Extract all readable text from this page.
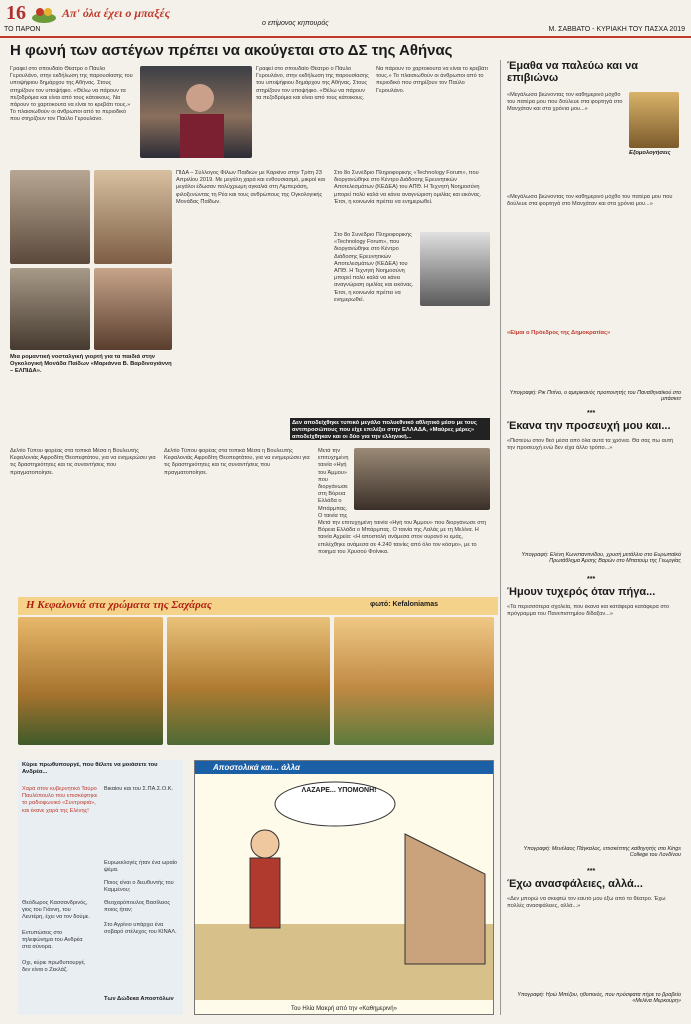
16
ΤΟ ΠΑΡΟΝ
Απ' όλα έχει ο μπαξές
ο επίμονος κηπουρός
Μ. ΣΑΒΒΑΤΟ - ΚΥΡΙΑΚΗ ΤΟΥ ΠΑΣΧΑ 2019
Η φωνή των αστέγων πρέπει να ακούγεται στο ΔΣ της Αθήνας
Γραφεί στο σπουδαίο Θέατρο ο Πάυλο Γερουλάνο, στην εκδήλωση της παρουσίασης του υποψήφιου δημάρχου της Αθήνας. Στους στηρίζουν τον υποψήφιο. «Θέλω να πάρουν τα πεζοδρόμια και είναι από τους κάτοικους. Να πάρουν το χαρτοκουτα να είναι το κρεβάτι τους.» Το πλαισιωθούν οι άνθρωποι από το περιοδικό που στηρίζουν τον Παύλο Γερουλάνο.
Γραφεί στο σπουδαίο Θέατρο ο Πάυλο Γερουλάνο, στην εκδήλωση της παρουσίασης του υποψήφιου δημάρχου της Αθήνας. Στους στηρίζουν τον υποψήφιο. «Θέλω να πάρουν τα πεζοδρόμια και είναι από τους κάτοικους. Να πάρουν το χαρτοκουτα να είναι το κρεβάτι τους.» Το πλαισιωθούν οι άνθρωποι από το περιοδικό που στηρίζουν τον Παύλο Γερουλάνο.
Μια ρομαντική νοσταλγική γιορτή για τα παιδιά στην Ογκολογική Μονάδα Παίδων «Μαριάννα Β. Βαρδινογιάννη – ΕΛΠΙΔΑ».
ΠΙΔΑ – Σύλλογος Φίλων Παιδιών με Καρκίνο στην Τρίτη 23 Απριλίου 2019. Με μεγάλη χαρά και ενθουσιασμό, μικροί και μεγάλοι έδωσαν πολύχρωμη αγκαλιά στη Λιμπεράση, φιλοξενώντας τη Ρέα και τους ανθρώπους της Ογκολογικής Μονάδας Παίδων.
Στο 8ο Συνέδριο Πληροφορικής «Technology Forum», που διοργανώθηκε στο Κέντρο Διάδοσης Ερευνητικών Αποτελεσμάτων (ΚΕΔΕΑ) του ΑΠΘ. Η Τεχνητή Νοημοσύνη μπορεί πολύ καλά να κάνει αναγνώριση ομιλίας και εικόνας. Έτσι, η κοινωνία πρέπει να ενημερωθεί.
Στο 8ο Συνέδριο Πληροφορικής «Technology Forum», που διοργανώθηκε στο Κέντρο Διάδοσης Ερευνητικών Αποτελεσμάτων (ΚΕΔΕΑ) του ΑΠΘ. Η Τεχνητή Νοημοσύνη μπορεί πολύ καλά να κάνει αναγνώριση ομιλίας και εικόνας. Έτσι, η κοινωνία πρέπει να ενημερωθεί.
Δεν αποδείχθηκε τυπικό μεγάλο πολυεθνικό αθλητικό μέσο με τους αντιπροσώπους που είχε επιλέξει στην ΕΛΛΑΔΑ, «Μαύρες μέρες» αποδείχθηκαν και οι δύο για την ελληνική...
Δελτίο Τύπου φορέας στα τοπικά Μέσα η Βουλευτής Κεφαλονιάς Αφροδίτη Θεοπεφτάτου, για να ενημερώσει για τις δραστηριότητες και τις συναντήσεις που πραγματοποίησε.
Δελτίο Τύπου φορέας στα τοπικά Μέσα η Βουλευτής Κεφαλονιάς Αφροδίτη Θεοπεφτάτου, για να ενημερώσει για τις δραστηριότητες και τις συναντήσεις που πραγματοποίησε.
Μετά την επιτυχημένη ταινία «Ηγή του Άμμου» που διοργάνωσε στη Βόρεια Ελλάδα ο Μπάρμπας. Ο ταινία της
Μετά την επιτυχημένη ταινία «Ηγή του Άμμου» που διοργάνωσε στη Βόρεια Ελλάδα ο Μπάρμπας. Ο ταινία της Λαλάς με τη Μελίνα. Η ταινία Αχρεία: «Η αποστολή ανάμεσα στον ουρανό κι εμάς, επιλέχθηκε ανάμεσα σε 4.240 ταινίες από όλο τον κόσμο», με το ποιημα του Χρυσού Φοίνικα.
Η Κεφαλονιά στα χρώματα της Σαχάρας	φωτό: Kefaloniamas
Κύριε πρωθυπουργέ, που θέλετε να μοιάσετε του Ανδρέα...
Χαρά στον κυβερνητικό Ταύρο Παυλόπουλο που επισκέφτηκε το ραδιοφωνικό «Συντροφιά», και έκανε χαρά της Ελένης!
Βικαίου και του Σ.ΠΑ.Σ.Ο.Κ.
Των Δώδεκα Αποστόλων
Αποστολικά και... άλλα
ΛΑΖΑΡΕ... ΥΠΟΜΟΝΗ!
Του Ηλία Μακρή από την «Καθημερινή»
Έμαθα να παλεύω και να επιβιώνω
«Μεγάλωσα βιώνοντας τον καθημερινό μόχθο του πατέρα μου που δούλευε στα φορτηγά στο Μανχάταν και στα χρόνια μου...»
Εξομολογήσεις
«Είμαι ο Πρόεδρος της Δημοκρατίας»
«Μεγάλωσα βιώνοντας τον καθημερινό μόχθο του πατέρα μου που δούλευε στα φορτηγά στο Μανχάταν και στα χρόνια μου...»
Υπογραφή: Ρικ Πιτίνο, ο αμερικανός προπονητής του Παναθηναϊκού στο μπάσκετ
***
Έκανα την προσευχή μου και...
«Πιστεύω στον θεό μέσα από όλα αυτά τα χρόνια. Θα σας πω αυτή την προσευχή ενώ δεν είχα άλλο τρόπο...»
Υπογραφή: Ελένη Κωνσταντινίδου, χρυσή μετάλλιο στο Ευρωπαϊκό Πρωτάθλημα Άρσης Βαρών στο Μπατούμ της Γεωργίας
***
Ήμουν τυχερός όταν πήγα...
«Τα περισσότερα σχολεία, που έκανα και κατάφερα κατάφερα στο πρόγραμμα του Πανεπιστημίου δίδαξαν...»
Υπογραφή: Μενέλαος Πάγκαλος, επισκέπτης καθηγητής στο Kings College του Λονδίνου
***
Έχω ανασφάλειες, αλλά...
«Δεν μπορώ να σκεφτώ τον εαυτό μου έξω από το θέατρο. Έχω πολλές ανασφάλειες, αλλά...»
Υπογραφή: Ηρώ Μπέζου, ηθοποιός, που πρόσφατα πήρε το βραβείο «Μελίνα Μερκούρη»
Θεόδωρος Κασσανδρινός, γιος του Γιάννη, του Λευτέρη, έχει να τον δούμε.
Εντυπώσεις στο τηλεφώνημα του Ανδρέα στα σύνορα.
Οχι, κύριε πρωθυπουργέ, δεν είναι ο Ζεκλάζ.
Ευρωεκλογές ήταν ένα ωραίο ψέμα.
Ποιος είναι ο διευθυντής του Καμμένου;
Θεοχαρόπουλος Βασίλειος ποιος ήταν;
Στο Αγρίνιο υπάρχει ένα σοβαρό στέλεχος του ΚΙΝΑΛ.
